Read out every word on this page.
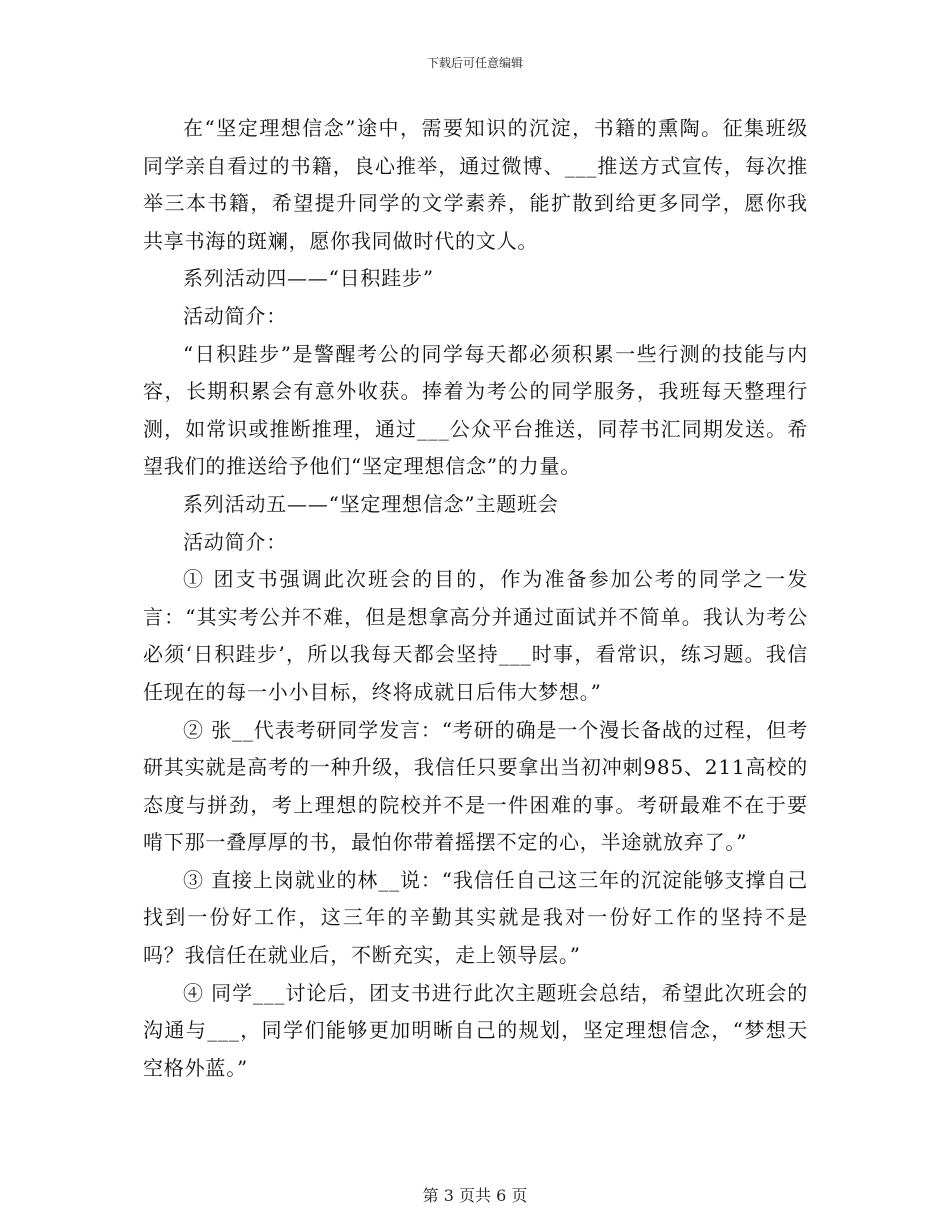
下载后可任意编辑

在“坚定理想信念”途中，需要知识的沉淀，书籍的熏陶。征集班级同学亲自看过的书籍，良心推举，通过微博、___推送方式宣传，每次推举三本书籍，希望提升同学的文学素养，能扩散到给更多同学，愿你我共享书海的斑斓，愿你我同做时代的文人。

系列活动四——“日积跬步”

活动简介：

“日积跬步”是警醒考公的同学每天都必须积累一些行测的技能与内容，长期积累会有意外收获。捧着为考公的同学服务，我班每天整理行测，如常识或推断推理，通过___公众平台推送，同荐书汇同期发送。希望我们的推送给予他们“坚定理想信念”的力量。

系列活动五——“坚定理想信念”主题班会

活动简介：

① 团支书强调此次班会的目的，作为准备参加公考的同学之一发言：“其实考公并不难，但是想拿高分并通过面试并不简单。我认为考公必须‘日积跬步’，所以我每天都会坚持___时事，看常识，练习题。我信任现在的每一小小目标，终将成就日后伟大梦想。”

② 张__代表考研同学发言：“考研的确是一个漫长备战的过程，但考研其实就是高考的一种升级，我信任只要拿出当初冲刺985、211高校的态度与拼劲，考上理想的院校并不是一件困难的事。考研最难不在于要啃下那一叠厚厚的书，最怕你带着摇摆不定的心，半途就放弃了。”

③ 直接上岗就业的林__说：“我信任自己这三年的沉淀能够支撑自己找到一份好工作，这三年的辛勤其实就是我对一份好工作的坚持不是吗？我信任在就业后，不断充实，走上领导层。”

④ 同学___讨论后，团支书进行此次主题班会总结，希望此次班会的沟通与___，同学们能够更加明晰自己的规划，坚定理想信念，“梦想天空格外蓝。”

第 3 页共 6 页
